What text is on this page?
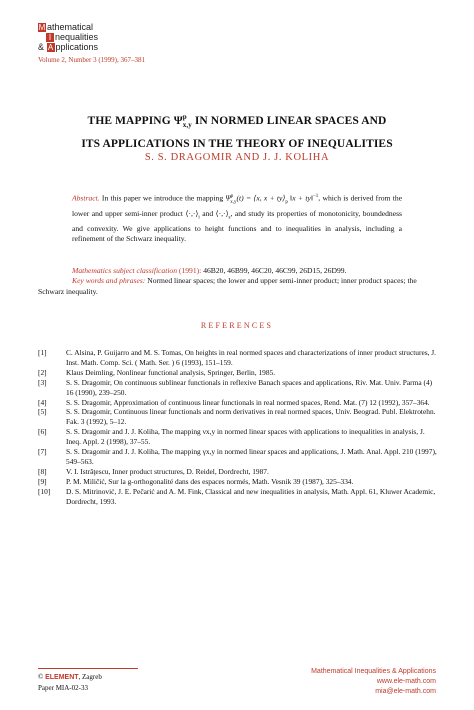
M athematical
I nequalities
& A pplications
Volume 2, Number 3 (1999), 367–381
THE MAPPING $\Psi^p_{x,y}$ IN NORMED LINEAR SPACES AND
ITS APPLICATIONS IN THE THEORY OF INEQUALITIES
S. S. DRAGOMIR AND J. J. KOLIHA
Abstract. In this paper we introduce the mapping $\Psi^p_{x,y}(t)$ = ⟨x, $x + ty⟩_p$ ‖x + ty‖$^{-1}$, which is derived from the lower and upper semi-inner product $⟨\cdot,\cdot⟩_i$ and $⟨\cdot,\cdot⟩_s$, and study its properties of monotonicity, boundedness and convexity. We give applications to height functions and to inequalities in analysis, including a refinement of the Schwarz inequality.
Mathematics subject classification (1991): 46B20, 46B99, 46C20, 46C99, 26D15, 26D99.
Key words and phrases: Normed linear spaces; the lower and upper semi-inner product; inner product spaces; the Schwarz inequality.
REFERENCES
[1]	C. Alsina, P. Guijarro and M. S. Tomas, On heights in real normed spaces and characterizations of inner product structures, J. Inst. Math. Comp. Sci. ( Math. Ser. ) 6 (1993), 151–159.
[2]	Klaus Deimling, Nonlinear functional analysis, Springer, Berlin, 1985.
[3]	S. S. Dragomir, On continuous sublinear functionals in reflexive Banach spaces and applications, Riv. Mat. Univ. Parma (4) 16 (1990), 239–250.
[4]	S. S. Dragomir, Approximation of continuous linear functionals in real normed spaces, Rend. Mat. (7) 12 (1992), 357–364.
[5]	S. S. Dragomir, Continuous linear functionals and norm derivatives in real normed spaces, Univ. Beograd. Publ. Elektrotehn. Fak. 3 (1992), 5–12.
[6]	S. S. Dragomir and J. J. Koliha, The mapping νx,y in normed linear spaces with applications to inequalities in analysis, J. Ineq. Appl. 2 (1998), 37–55.
[7]	S. S. Dragomir and J. J. Koliha, The mapping γx,y in normed linear spaces and applications, J. Math. Anal. Appl. 210 (1997), 549–563.
[8]	V. I. Istrăţescu, Inner product structures, D. Reidel, Dordrecht, 1987.
[9]	P. M. Miličić, Sur la g-orthogonalité dans des espaces normés, Math. Vesnik 39 (1987), 325–334.
[10]	D. S. Mitrinović, J. E. Pečarić and A. M. Fink, Classical and new inequalities in analysis, Math. Appl. 61, Kluwer Academic, Dordrecht, 1993.
© ELEMENT, Zagreb
Paper MIA-02-33
Mathematical Inequalities & Applications
www.ele-math.com
mia@ele-math.com
